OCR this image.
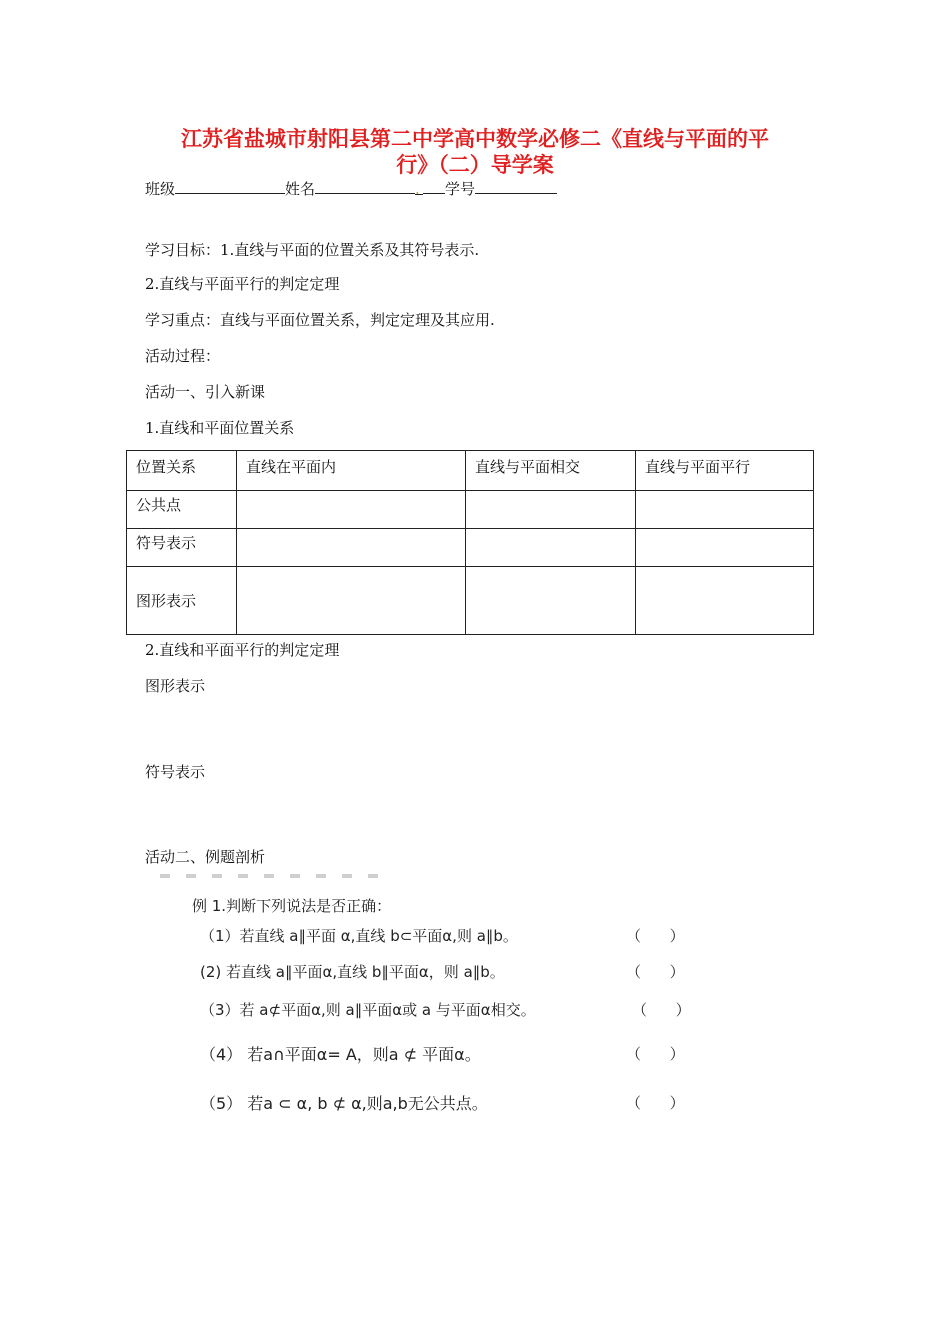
江苏省盐城市射阳县第二中学高中数学必修二《直线与平面的平
行》（二）导学案
班级	姓名	. 学号
学习目标：1.直线与平面的位置关系及其符号表示.
2.直线与平面平行的判定定理
学习重点：直线与平面位置关系，判定定理及其应用.
活动过程：
活动一、引入新课
1.直线和平面位置关系
位置关系	直线在平面内	直线与平面相交	直线与平面平行
公共点			
符号表示			
图形表示			
2.直线和平面平行的判定定理
图形表示
符号表示
活动二、例题剖析
例 1.判断下列说法是否正确：
（1）若直线 a∥平面 α,直线 b⊂平面α,则 a∥b。	（      ）
(2) 若直线 a∥平面α,直线 b∥平面α，则 a∥b。	（      ）
（3）若 a⊄平面α,则 a∥平面α或 a 与平面α相交。	（      ）
（4） 若a∩平面α= A，则a ⊄ 平面α。	（      ）
（5） 若a ⊂ α, b ⊄ α,则a,b无公共点。	（      ）
